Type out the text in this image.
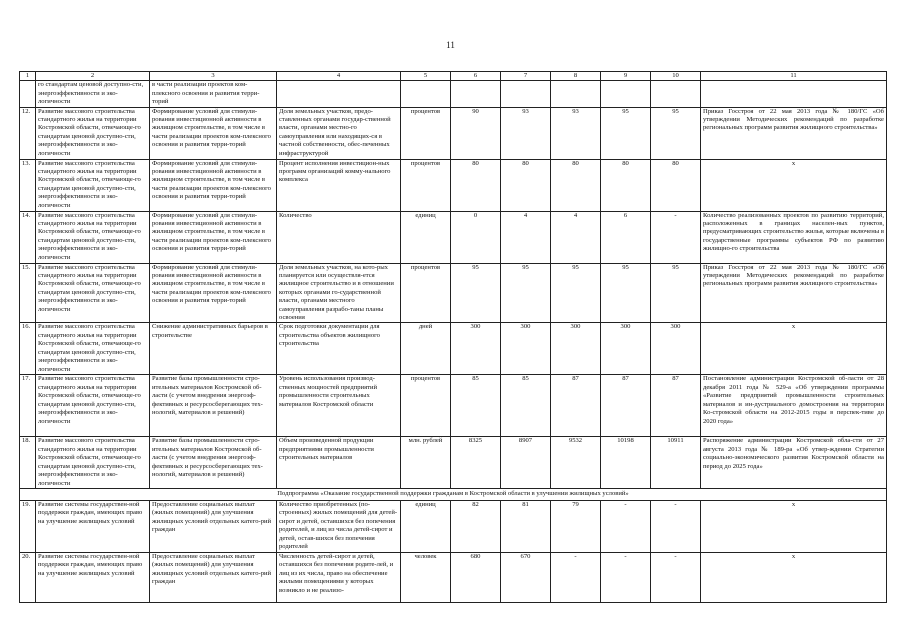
11
1	2	3	4	5	6	7	8	9	10	11
	го стандартам ценовой доступно-сти, энергоэффективности и эко-логичности	в части реализации проектов ком-плексного освоения и развития терри-торий								
12.	Развитие массового строительства стандартного жилья на территории Костромской области, отвечающе-го стандартам ценовой доступно-сти, энергоэффективности и эко-логичности	Формирование условий для стимули-рования инвестиционной активности в жилищном строительстве, в том числе в части реализации проектов ком-плексного освоения и развития терри-торий	Доля земельных участков, предо-ставленных органами государ-ственной власти, органами местно-го самоуправления или находящих-ся в частной собственности, обес-печенных инфраструктурой	процентов	90	93	93	95	95	Приказ Госстроя от 22 мая 2013 года № 180/ГС «Об утверждении Методических рекомендаций по разработке региональных программ развития жилищного строительства»
13.	Развитие массового строительства стандартного жилья на территории Костромской области, отвечающе-го стандартам ценовой доступно-сти, энергоэффективности и эко-логичности	Формирование условий для стимули-рования инвестиционной активности в жилищном строительстве, в том числе в части реализации проектов ком-плексного освоения и развития терри-торий	Процент исполнения инвестицион-ных программ организаций комму-нального комплекса	процентов	80	80	80	80	80	х
14.	Развитие массового строительства стандартного жилья на территории Костромской области, отвечающе-го стандартам ценовой доступно-сти, энергоэффективности и эко-логичности	Формирование условий для стимули-рования инвестиционной активности в жилищном строительстве, в том числе в части реализации проектов ком-плексного освоения и развития терри-торий	Количество	единиц	0	4	4	6	-	Количество реализованных проектов по развитию территорий, расположенных в границах населен-ных пунктов, предусматривающих строительство жилья, которые включены в государственные программы субъектов РФ по развитию жилищно-го строительства
15.	Развитие массового строительства стандартного жилья на территории Костромской области, отвечающе-го стандартам ценовой доступно-сти, энергоэффективности и эко-логичности	Формирование условий для стимули-рования инвестиционной активности в жилищном строительстве, в том числе в части реализации проектов ком-плексного освоения и развития терри-торий	Доля земельных участков, на кото-рых планируется или осуществля-ется жилищное строительство и в отношении которых органами го-сударственной власти, органами местного самоуправления разрабо-таны планы освоения	процентов	95	95	95	95	95	Приказ Госстроя от 22 мая 2013 года № 180/ГС «Об утверждении Методических рекомендаций по разработке региональных программ развития жилищного строительства»
16.	Развитие массового строительства стандартного жилья на территории Костромской области, отвечающе-го стандартам ценовой доступно-сти, энергоэффективности и эко-логичности	Снижение административных барьеров в строительстве	Срок подготовки документации для строительства объектов жилищного строительства	дней	300	300	300	300	300	х
17.	Развитие массового строительства стандартного жилья на территории Костромской области, отвечающе-го стандартам ценовой доступно-сти, энергоэффективности и эко-логичности	Развитие базы промышленности стро-ительных материалов Костромской об-ласти (с учетом внедрения энергоэф-фективных и ресурсосберегающих тех-нологий, материалов и решений)	Уровень использования производ-ственных мощностей предприятий промышленности строительных материалов Костромской области	процентов	85	85	87	87	87	Постановление администрации Костромской об-ласти от 28 декабря 2011 года № 529-а «Об утверждении программы «Развитие предприятий промышленности строительных материалов и ин-дустриального домостроения на территории Ко-стромской области на 2012-2015 годы в перспек-тиве до 2020 года»
18.	Развитие массового строительства стандартного жилья на территории Костромской области, отвечающе-го стандартам ценовой доступно-сти, энергоэффективности и эко-логичности	Развитие базы промышленности стро-ительных материалов Костромской об-ласти (с учетом внедрения энергоэф-фективных и ресурсосберегающих тех-нологий, материалов и решений)	Объем произведенной продукции предприятиями промышленности строительных материалов	млн. рублей	8325	8907	9532	10198	10911	Распоряжение администрации Костромской обла-сти от 27 августа 2013 года № 189-ра «Об утвер-ждении Стратегии социально-экономического развития Костромской области на период до 2025 года»
Подпрограмма «Оказание государственной поддержки гражданам в Костромской области в улучшении жилищных условий»										
19.	Развитие системы государствен-ной поддержки граждан, имеющих право на улучшение жилищных условий	Предоставление социальных выплат (жилых помещений) для улучшения жилищных условий отдельных катего-рий граждан	Количество приобретенных (по-строенных) жилых помещений для детей-сирот и детей, оставшихся без попечения родителей, и лиц из числа детей-сирот и детей, остав-шихся без попечения родителей	единиц	82	81	79	-	-	х
20.	Развитие системы государствен-ной поддержки граждан, имеющих право на улучшение жилищных условий	Предоставление социальных выплат (жилых помещений) для улучшения жилищных условий отдельных катего-рий граждан	Численность детей-сирот и детей, оставшихся без попечения родите-лей, и лиц из их числа, право на обеспечение жилыми помещениями у которых возникло и не реализо-	человек	680	670	-	-	-	х
